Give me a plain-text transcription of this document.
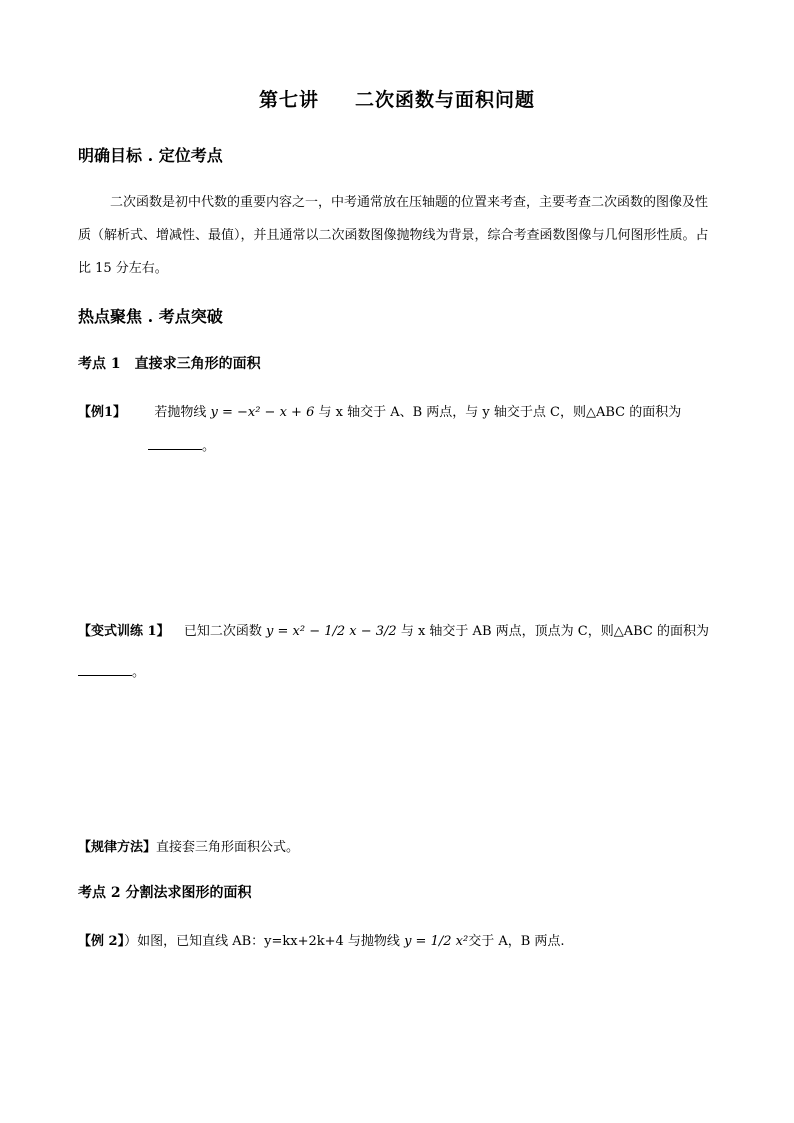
第七讲 二次函数与面积问题
明确目标 . 定位考点
二次函数是初中代数的重要内容之一，中考通常放在压轴题的位置来考查，主要考查二次函数的图像及性质（解析式、增减性、最值），并且通常以二次函数图像抛物线为背景，综合考查函数图像与几何图形性质。占比 15 分左右。
热点聚焦 . 考点突破
考点 1　直接求三角形的面积
【例1】 若抛物线 y = −x² − x + 6 与 x 轴交于 A、B 两点，与 y 轴交于点 C，则△ABC 的面积为
。
【变式训练 1】 已知二次函数 y = x² − 1/2 x − 3/2 与 x 轴交于 AB 两点，顶点为 C，则△ABC 的面积为
。
【规律方法】直接套三角形面积公式。
考点 2 分割法求图形的面积
【例 2】）如图，已知直线 AB：y=kx+2k+4 与抛物线 y = 1/2 x²交于 A，B 两点.
